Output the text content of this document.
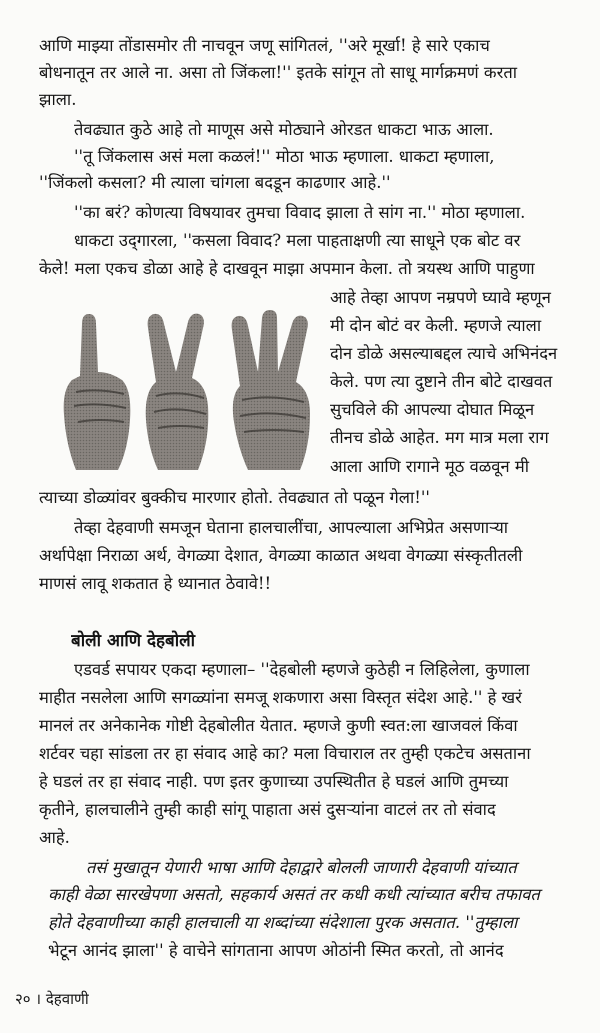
आणि माझ्या तोंडासमोर ती नाचवून जणू सांगितलं, ''अरे मूर्खा! हे सारे एकाच
बोधनातून तर आले ना. असा तो जिंकला!'' इतके सांगून तो साधू मार्गक्रमणं करता
झाला.
तेवढ्यात कुठे आहे तो माणूस असे मोठ्याने ओरडत धाकटा भाऊ आला.
''तू जिंकलास असं मला कळलं!'' मोठा भाऊ म्हणाला. धाकटा म्हणाला,
''जिंकलो कसला? मी त्याला चांगला बदडून काढणार आहे.''
''का बरं? कोणत्या विषयावर तुमचा विवाद झाला ते सांग ना.'' मोठा म्हणाला.
धाकटा उद्‌गारला, ''कसला विवाद? मला पाहताक्षणी त्या साधूने एक बोट वर
केले! मला एकच डोळा आहे हे दाखवून माझा अपमान केला. तो त्रयस्थ आणि पाहुणा
आहे तेव्हा आपण नम्रपणे घ्यावे म्हणून
मी दोन बोटं वर केली. म्हणजे त्याला
दोन डोळे असल्याबद्दल त्याचे अभिनंदन
केले. पण त्या दुष्टाने तीन बोटे दाखवत
सुचविले की आपल्या दोघात मिळून
तीनच डोळे आहेत. मग मात्र मला राग
आला आणि रागाने मूठ वळवून मी
त्याच्या डोळ्यांवर बुक्कीच मारणार होतो. तेवढ्यात तो पळून गेला!''
तेव्हा देहवाणी समजून घेताना हालचालींचा, आपल्याला अभिप्रेत असणाऱ्या
अर्थापेक्षा निराळा अर्थ, वेगळ्या देशात, वेगळ्या काळात अथवा वेगळ्या संस्कृतीतली
माणसं लावू शकतात हे ध्यानात ठेवावे!!
बोली आणि देहबोली
एडवर्ड सपायर एकदा म्हणाला– ''देहबोली म्हणजे कुठेही न लिहिलेला, कुणाला
माहीत नसलेला आणि सगळ्यांना समजू शकणारा असा विस्तृत संदेश आहे.'' हे खरं
मानलं तर अनेकानेक गोष्टी देहबोलीत येतात. म्हणजे कुणी स्वत:ला खाजवलं किंवा
शर्टवर चहा सांडला तर हा संवाद आहे का? मला विचाराल तर तुम्ही एकटेच असताना
हे घडलं तर हा संवाद नाही. पण इतर कुणाच्या उपस्थितीत हे घडलं आणि तुमच्या
कृतीने, हालचालीने तुम्ही काही सांगू पाहाता असं दुसऱ्यांना वाटलं तर तो संवाद
आहे.
तसं मुखातून येणारी भाषा आणि देहाद्वारे बोलली जाणारी देहवाणी यांच्यात
काही वेळा सारखेपणा असतो, सहकार्य असतं तर कधी कधी त्यांच्यात बरीच तफावत
होते देहवाणीच्या काही हालचाली या शब्दांच्या संदेशाला पुरक असतात. ''तुम्हाला
भेटून आनंद झाला'' हे वाचेने सांगताना आपण ओठांनी स्मित करतो, तो आनंद
२० । देहवाणी
